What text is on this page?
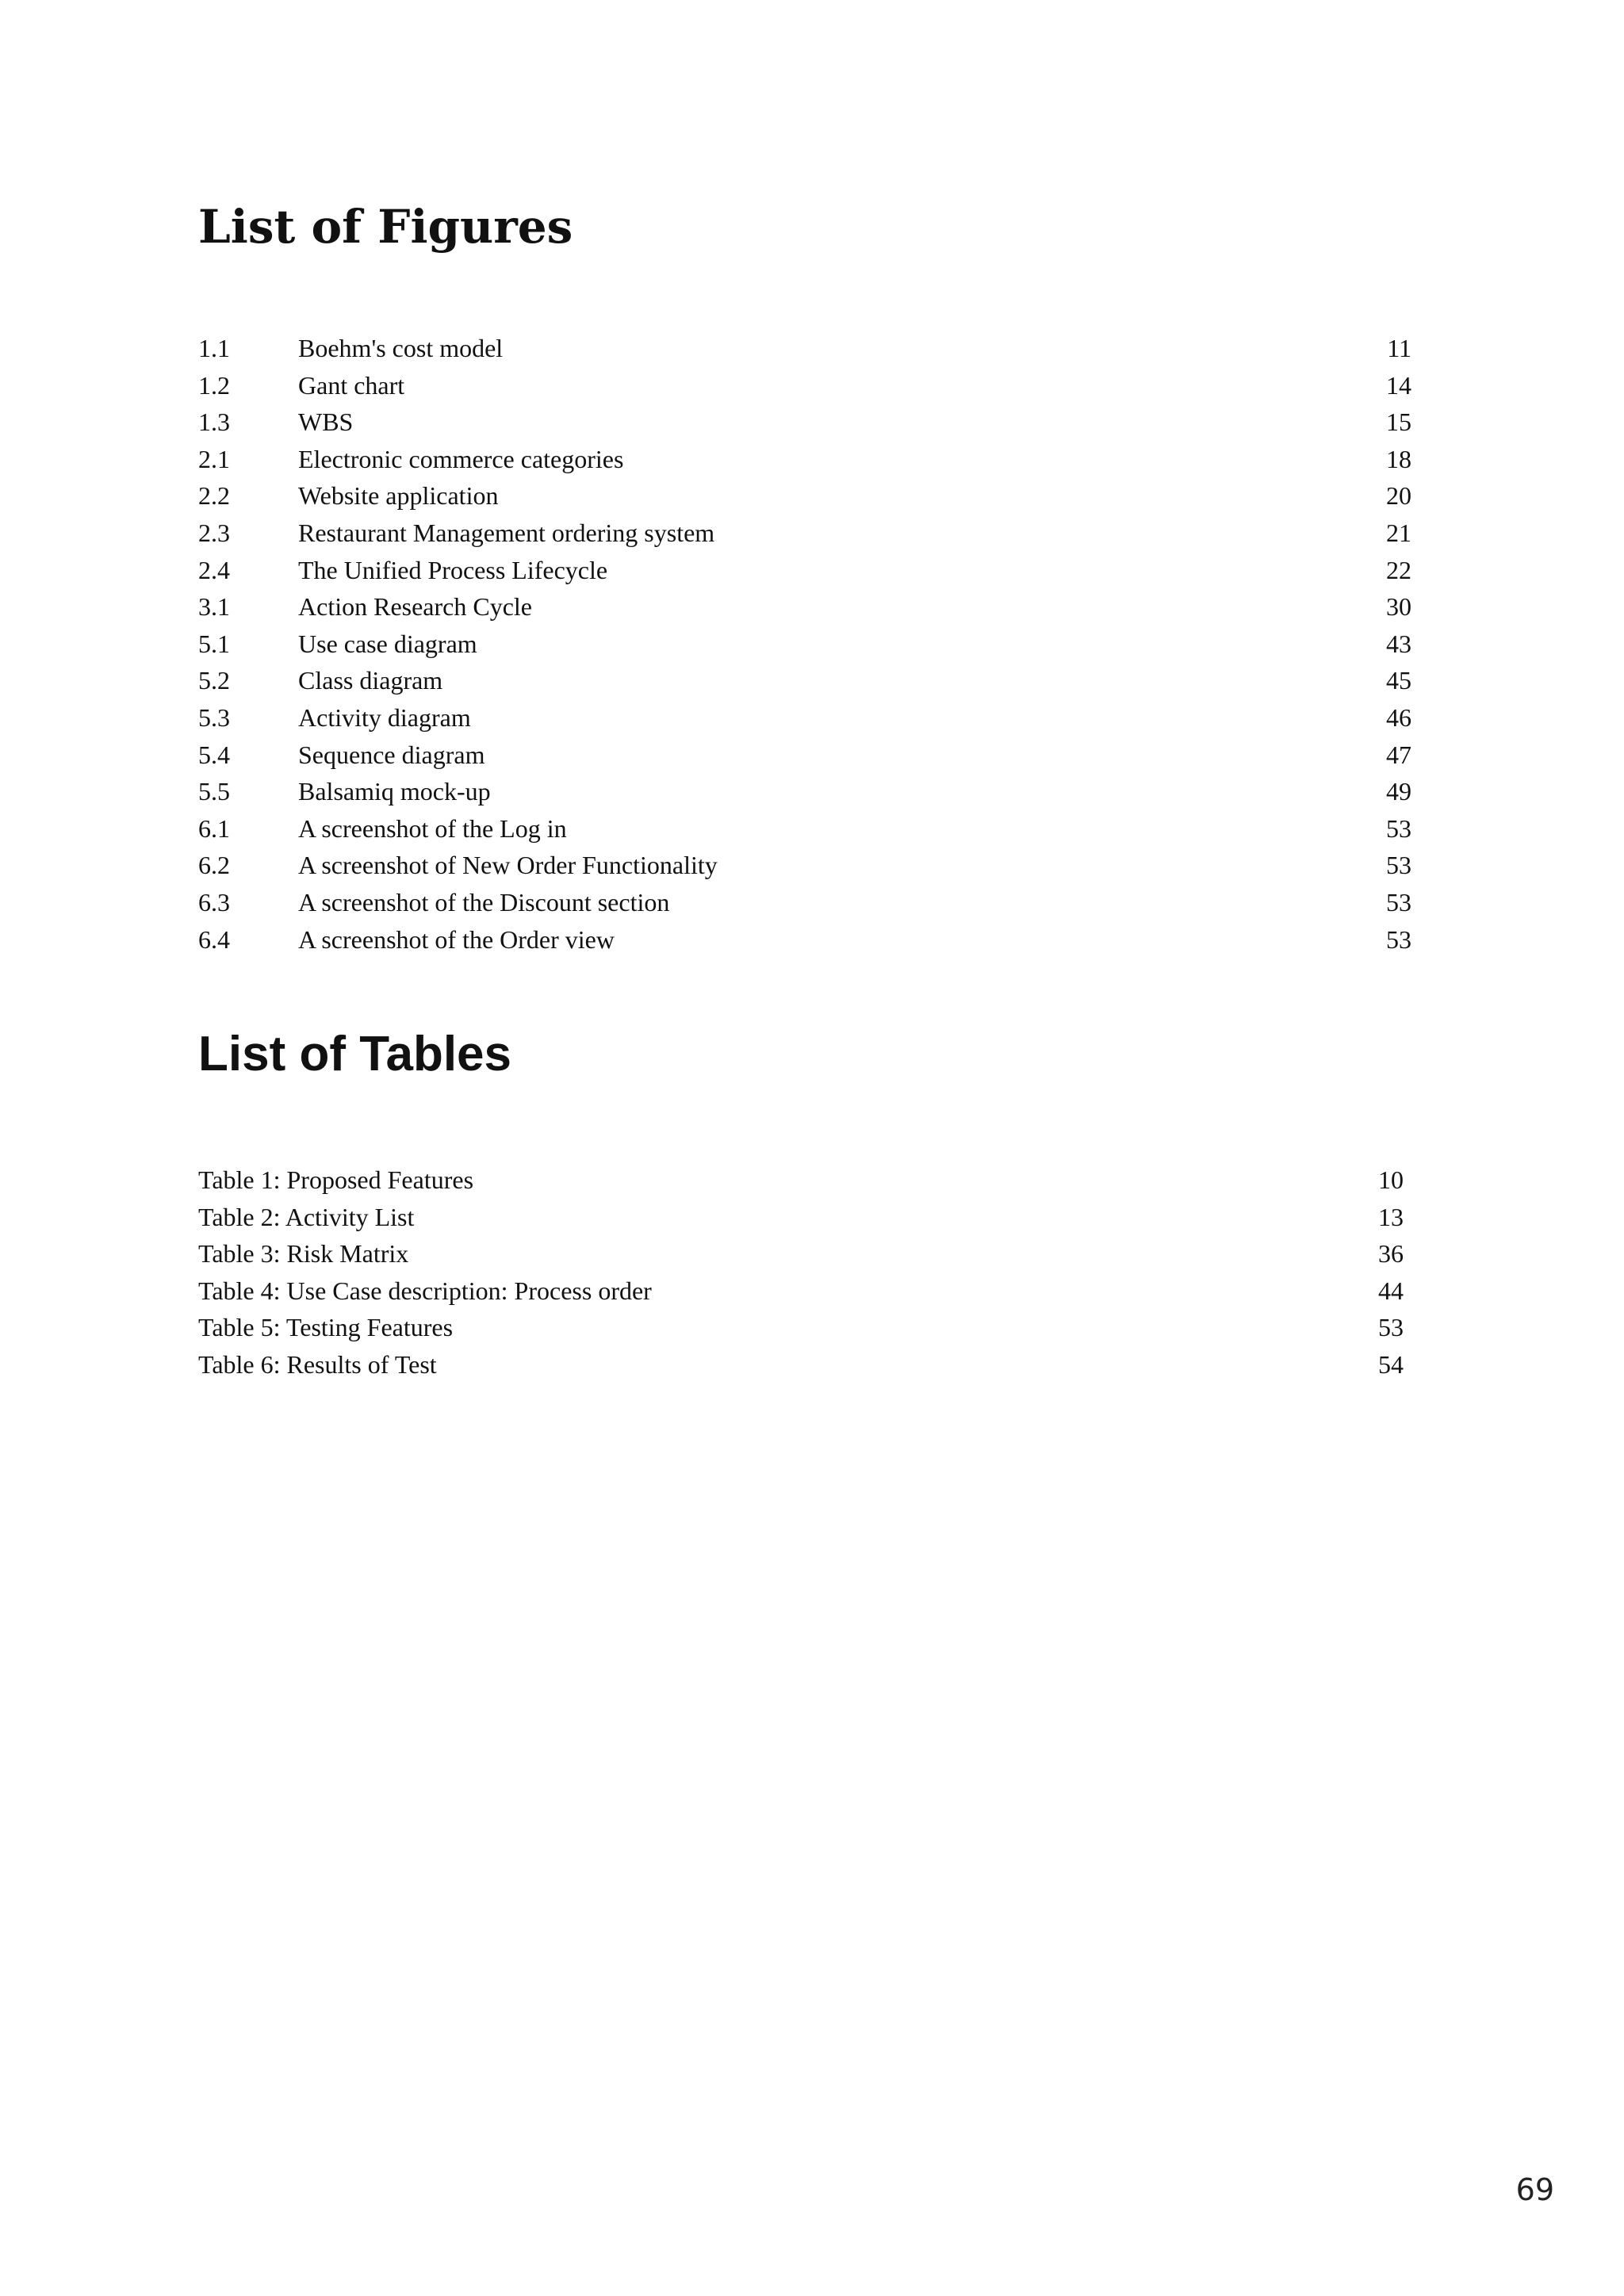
List of Figures
1.1	Boehm's cost model	11
1.2	Gant chart	14
1.3	WBS	15
2.1	Electronic commerce categories	18
2.2	Website application	20
2.3	Restaurant Management ordering system	21
2.4	The Unified Process Lifecycle	22
3.1	Action Research Cycle	30
5.1	Use case diagram	43
5.2	Class diagram	45
5.3	Activity diagram	46
5.4	Sequence diagram	47
5.5	Balsamiq mock-up	49
6.1	A screenshot of the Log in	53
6.2	A screenshot of New Order Functionality	53
6.3	A screenshot of the Discount section	53
6.4	A screenshot of the Order view	53
List of Tables
Table 1: Proposed Features	10
Table 2: Activity List	13
Table 3: Risk Matrix	36
Table 4: Use Case description: Process order	44
Table 5: Testing Features	53
Table 6: Results of Test	54
69
